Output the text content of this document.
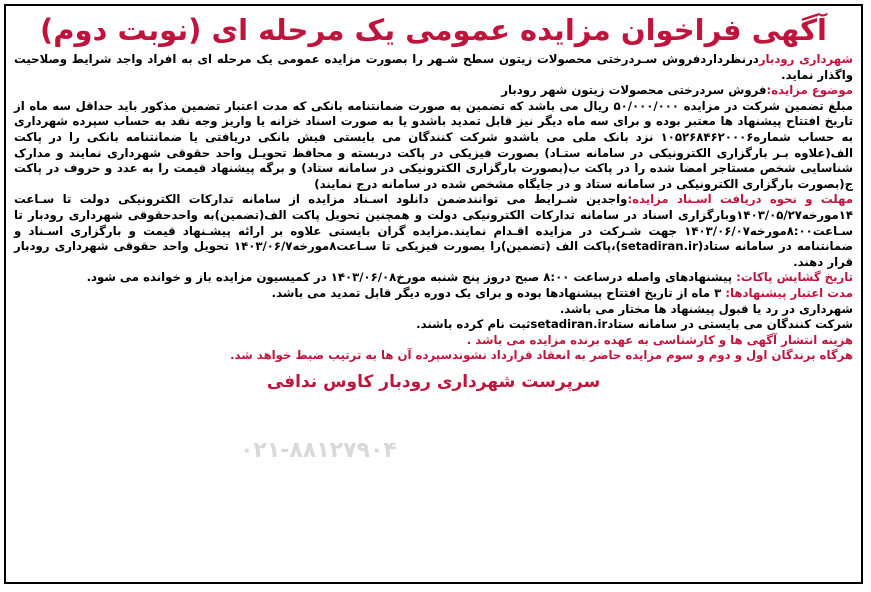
آگهی فراخوان مزایده عمومی یک مرحله ای (نوبت دوم)

شهرداری رودباردرنظرداردفروش سـردرختی محصولات زیتون سطح شـهر را بصورت مزایده عمومی یک مرحله ای به افراد واجد شرایط وصلاحیت واگذار نماید.

موضوع مزایده:فروش سردرختی محصولات زیتون شهر رودبار

مبلغ تضمین شرکت در مزایده ۵۰/۰۰۰/۰۰۰ ریال می باشد که تضمین به صورت ضمانتنامه بانکی که مدت اعتبار تضمین مذکور باید حداقل سه ماه از تاریخ افتتاح پیشنهاد ها معتبر بوده و برای سه ماه دیگر نیز قابل تمدید باشدو یا به صورت اسناد خزانه یا واریز وجه نقد به حساب سپرده شهرداری به حساب شماره۱۰۵۲۶۸۴۶۲۰۰۰۶ نزد بانک ملی می باشدو شرکت کنندگان می بایستی فیش بانکی دریافتی یا ضمانتنامه بانکی را در پاکت الف(علاوه بـر بارگزاری الکترونیکی در سامانه ستـاد) بصورت فیزیکی در پاکت دربسته و محافظ تحویـل واحد حقوقی شهرداری نمایند و مدارک شناسایی شخص مستاجر امضا شده را در پاکت ب(بصورت بارگزاری الکترونیکی در سامانه ستاد) و برگه پیشنهاد قیمت را به عدد و حروف در پاکت ج(بصورت بارگزاری الکترونیکی در سامانه ستاد و در جایگاه مشخص شده در سامانه درج نمایند)

مهلت و نحوه دریافت اسـناد مزایده:واجدین شـرایط می توانندضمن دانلود اسـناد مزایده از سامانه تدارکات الکترونیکی دولت تا سـاعت ۱۴مورخه۱۴۰۳/۰۵/۲۷وبارگزاری اسناد در سامانه تدارکات الکترونیکی دولت و همچنین تحویل پاکت الف(تضمین)به واحدحقوقی شهرداری رودبار تا سـاعت۸:۰۰مورخه۱۴۰۳/۰۶/۰۷ جهت شـرکت در مزایده اقـدام نمایند.مزایده گران بایستی علاوه بر ارائه پیشـنهاد قیمت و بارگزاری اسـناد و ضمانتنامه در سامانه ستاد(setadiran.ir)،پاکت الف (تضمین)را بصورت فیزیکی تا سـاعت۸مورخه۱۴۰۳/۰۶/۷ تحویل واحد حقوقی شهرداری رودبار قرار دهند.

تاریخ گشایش پاکات: پیشنهادهای واصله درساعت ۸:۰۰ صبح دروز پنج شنبه مورخ۱۴۰۳/۰۶/۰۸ در کمیسیون مزایده باز و خوانده می شود.

مدت اعتبار پیشنهادها: ۳ ماه از تاریخ افتتاح پیشنهادها بوده و برای یک دوره دیگر قابل تمدید می باشد.

شهرداری در رد یا قبول پیشنهاد ها مختار می باشد.

شرکت کنندگان می بایستی در سامانه ستادsetadiran.irثبت نام کرده باشند.

هزینه انتشار آگهی ها و کارشناسی به عهده برنده مزایده می باشد .

هرگاه برندگان اول و دوم و سوم مزایده حاضر به انعقاد قرارداد نشوندسپرده آن ها به ترتیب ضبط خواهد شد.

سرپرست شهرداری رودبار کاوس ندافی
۰۲۱-۸۸۱۲۷۹۰۴
